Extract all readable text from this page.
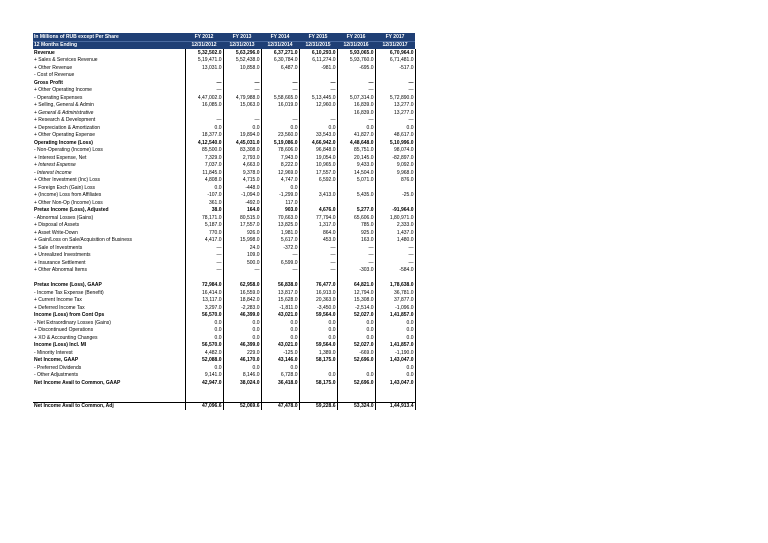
In Millions of RUB except Per Share	FY 2012	FY 2013	FY 2014	FY 2015	FY 2016	FY 2017
12 Months Ending	12/31/2012	12/31/2013	12/31/2014	12/31/2015	12/31/2016	12/31/2017
Revenue	5,32,502.0	5,63,296.0	6,37,271.0	6,10,293.0	5,93,065.0	6,70,964.0
+ Sales & Services Revenue	5,19,471.0	5,52,438.0	6,30,784.0	6,11,274.0	5,93,760.0	6,71,481.0
+ Other Revenue	13,031.0	10,858.0	6,487.0	-981.0	-695.0	-517.0
- Cost of Revenue						
Gross Profit	—	—	—	—	—	—
+ Other Operating Income	—	—	—	—	—	—
- Operating Expenses	4,47,002.0	4,79,988.0	5,58,665.0	5,13,445.0	5,07,314.0	5,72,890.0
+ Selling, General & Admin	16,085.0	15,063.0	16,019.0	12,960.0	16,839.0	13,277.0
+ General & Administrative					16,839.0	13,277.0
+ Research & Development	—	—	—	—	—	—
+ Depreciation & Amortization	0.0	0.0	0.0	0.0	0.0	0.0
+ Other Operating Expense	18,377.0	19,894.0	23,560.0	33,543.0	41,827.0	48,617.0
Operating Income (Loss)	4,12,540.0	4,45,031.0	5,19,086.0	4,66,942.0	4,48,648.0	5,10,996.0
- Non-Operating (Income) Loss	85,500.0	83,308.0	78,606.0	96,848.0	85,751.0	98,074.0
+ Interest Expense, Net	7,329.0	2,793.0	7,943.0	19,054.0	20,145.0	-82,897.0
+ Interest Expense	7,037.0	4,663.0	8,222.0	10,965.0	9,433.0	9,092.0
- Interest Income	11,845.0	9,378.0	12,969.0	17,557.0	14,504.0	9,968.0
+ Other Investment (Inc) Loss	4,808.0	4,715.0	4,747.0	6,592.0	5,071.0	876.0
+ Foreign Exch (Gain) Loss	0.0	-448.0	0.0			
+ (Income) Loss from Affiliates	-107.0	-1,094.0	-1,299.0	3,413.0	5,435.0	-25.0
+ Other Non-Op (Income) Loss	361.0	-492.0	117.0			
Pretax Income (Loss), Adjusted	38.0	164.0	903.0	4,676.0	5,277.0	-91,964.0
- Abnormal Losses (Gains)	78,171.0	80,515.0	70,663.0	77,794.0	65,606.0	1,80,971.0
+ Disposal of Assets	5,187.0	17,557.0	13,825.0	1,317.0	785.0	2,333.0
+ Asset Write-Down	770.0	926.0	1,981.0	864.0	925.0	1,437.0
+ Gain/Loss on Sale/Acquisition of Business	4,417.0	15,998.0	5,617.0	453.0	163.0	1,480.0
+ Sale of Investments	—	24.0	-372.0	—	—	—
+ Unrealized Investments	—	109.0	—	—	—	—
+ Insurance Settlement	—	500.0	6,599.0	—	—	—
+ Other Abnormal Items	—	—	—	—	-303.0	-584.0

Pretax Income (Loss), GAAP	72,984.0	62,958.0	56,838.0	76,477.0	64,821.0	1,78,638.0
- Income Tax Expense (Benefit)	16,414.0	16,559.0	13,817.0	16,913.0	12,794.0	36,781.0
+ Current Income Tax	13,117.0	18,842.0	15,628.0	20,363.0	15,308.0	37,877.0
+ Deferred Income Tax	3,297.0	-2,283.0	-1,811.0	-3,450.0	-2,514.0	-1,096.0
Income (Loss) from Cont Ops	56,570.0	46,399.0	43,021.0	59,564.0	52,027.0	1,41,857.0
- Net Extraordinary Losses (Gains)	0.0	0.0	0.0	0.0	0.0	0.0
+ Discontinued Operations	0.0	0.0	0.0	0.0	0.0	0.0
+ XO & Accounting Changes	0.0	0.0	0.0	0.0	0.0	0.0
Income (Loss) Incl. MI	56,570.0	46,399.0	43,021.0	59,564.0	52,027.0	1,41,857.0
- Minority Interest	4,482.0	229.0	-125.0	1,389.0	-669.0	-1,190.0
Net Income, GAAP	52,088.0	46,170.0	43,146.0	58,175.0	52,696.0	1,43,047.0
- Preferred Dividends	0.0	0.0	0.0			0.0
- Other Adjustments	9,141.0	8,146.0	6,728.0	0.0	0.0	0.0
Net Income Avail to Common, GAAP	42,947.0	38,024.0	36,418.0	58,175.0	52,696.0	1,43,047.0

Net Income Avail to Common, Adj	47,096.6	52,069.6	47,478.0	59,228.6	53,324.0	1,44,913.4
